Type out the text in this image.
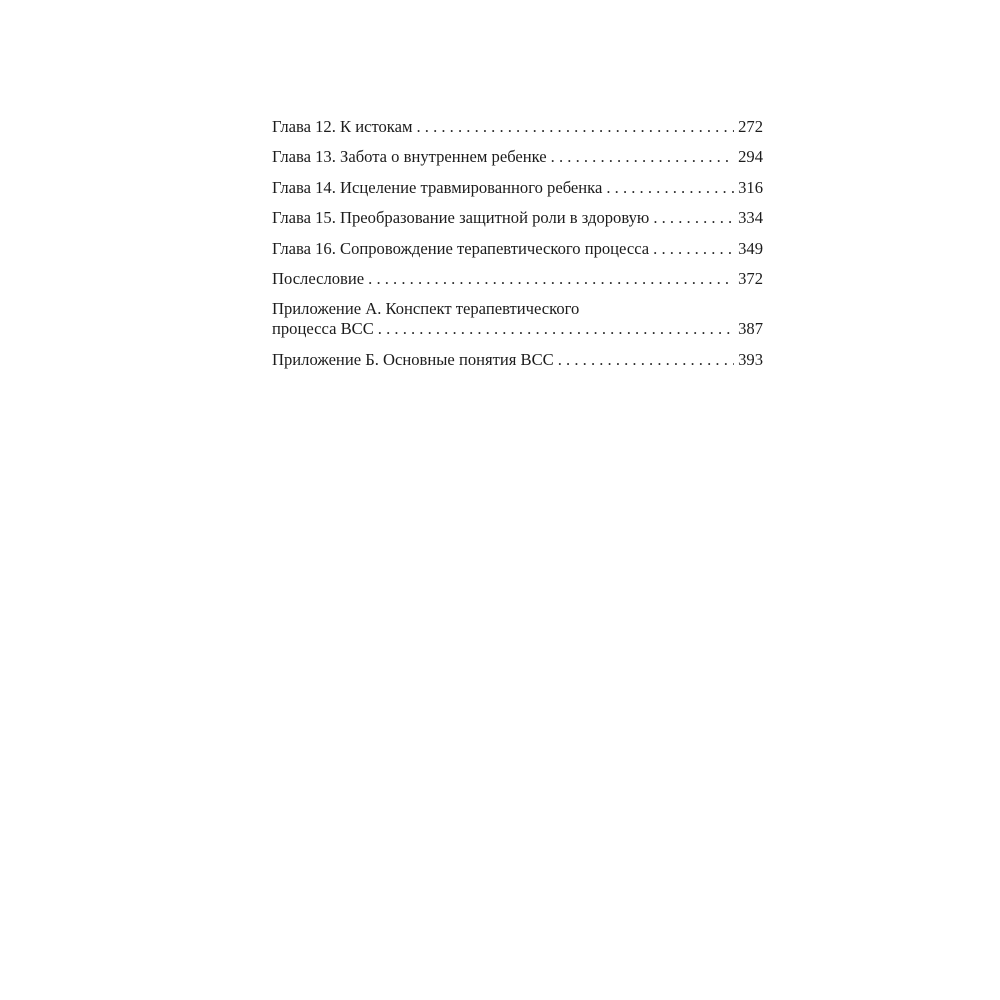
Глава 12. К истокам . . .	272
Глава 13. Забота о внутреннем ребенке . . .	294
Глава 14. Исцеление травмированного ребенка . . .	316
Глава 15. Преобразование защитной роли в здоровую . . .	334
Глава 16. Сопровождение терапевтического процесса . . .	349
Послесловие . . .	372
Приложение А. Конспект терапевтического
процесса ВСС . . .	387
Приложение Б. Основные понятия ВСС . . .	393
